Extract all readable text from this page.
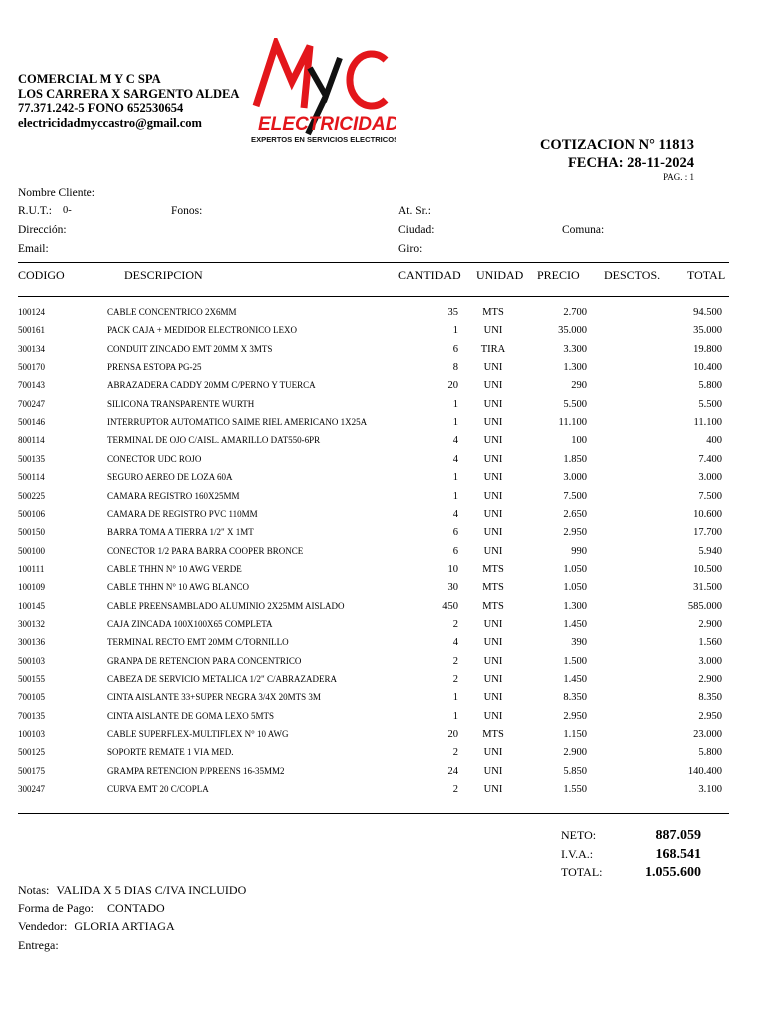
COMERCIAL M Y C SPA
LOS CARRERA X SARGENTO ALDEA
77.371.242-5 FONO 652530654
electricidadmyccastro@gmail.com	ELECTRICIDAD
EXPERTOS EN SERVICIOS ELECTRICOS	COTIZACION N° 11813
FECHA: 28-11-2024
PAG. : 1
Nombre Cliente:
R.U.T.: 0-	Fonos:	At. Sr.:
Dirección:	Ciudad:	Comuna:
Email:	Giro:
CODIGO	DESCRIPCION	CANTIDAD UNIDAD PRECIO DESCTOS. TOTAL
100124	CABLE CONCENTRICO 2X6MM	35	MTS	2.700	94.500
500161	PACK CAJA + MEDIDOR ELECTRONICO LEXO	1	UNI	35.000	35.000
300134	CONDUIT ZINCADO EMT 20MM X 3MTS	6	TIRA	3.300	19.800
500170	PRENSA ESTOPA PG-25	8	UNI	1.300	10.400
700143	ABRAZADERA CADDY 20MM C/PERNO Y TUERCA	20	UNI	290	5.800
700247	SILICONA TRANSPARENTE WURTH	1	UNI	5.500	5.500
500146	INTERRUPTOR AUTOMATICO SAIME RIEL AMERICANO 1X25A	1	UNI	11.100	11.100
800114	TERMINAL DE OJO C/AISL. AMARILLO DAT550-6PR	4	UNI	100	400
500135	CONECTOR UDC ROJO	4	UNI	1.850	7.400
500114	SEGURO AEREO DE LOZA 60A	1	UNI	3.000	3.000
500225	CAMARA REGISTRO 160X25MM	1	UNI	7.500	7.500
500106	CAMARA DE REGISTRO PVC 110MM	4	UNI	2.650	10.600
500150	BARRA TOMA A TIERRA 1/2" X 1MT	6	UNI	2.950	17.700
500100	CONECTOR 1/2 PARA BARRA COOPER BRONCE	6	UNI	990	5.940
100111	CABLE THHN N° 10 AWG VERDE	10	MTS	1.050	10.500
100109	CABLE THHN N° 10 AWG BLANCO	30	MTS	1.050	31.500
100145	CABLE PREENSAMBLADO ALUMINIO 2X25MM AISLADO	450	MTS	1.300	585.000
300132	CAJA ZINCADA 100X100X65 COMPLETA	2	UNI	1.450	2.900
300136	TERMINAL RECTO EMT 20MM C/TORNILLO	4	UNI	390	1.560
500103	GRANPA DE RETENCION PARA CONCENTRICO	2	UNI	1.500	3.000
500155	CABEZA DE SERVICIO METALICA 1/2" C/ABRAZADERA	2	UNI	1.450	2.900
700105	CINTA AISLANTE 33+SUPER NEGRA 3/4X 20MTS 3M	1	UNI	8.350	8.350
700135	CINTA AISLANTE DE GOMA LEXO 5MTS	1	UNI	2.950	2.950
100103	CABLE SUPERFLEX-MULTIFLEX N° 10 AWG	20	MTS	1.150	23.000
500125	SOPORTE REMATE 1 VIA MED.	2	UNI	2.900	5.800
500175	GRAMPA RETENCION P/PREENS 16-35MM2	24	UNI	5.850	140.400
300247	CURVA EMT 20 C/COPLA	2	UNI	1.550	3.100
NETO:	887.059
I.V.A.:	168.541
TOTAL:	1.055.600
Notas: VALIDA X 5 DIAS C/IVA INCLUIDO
Forma de Pago: CONTADO
Vendedor: GLORIA ARTIAGA
Entrega:
